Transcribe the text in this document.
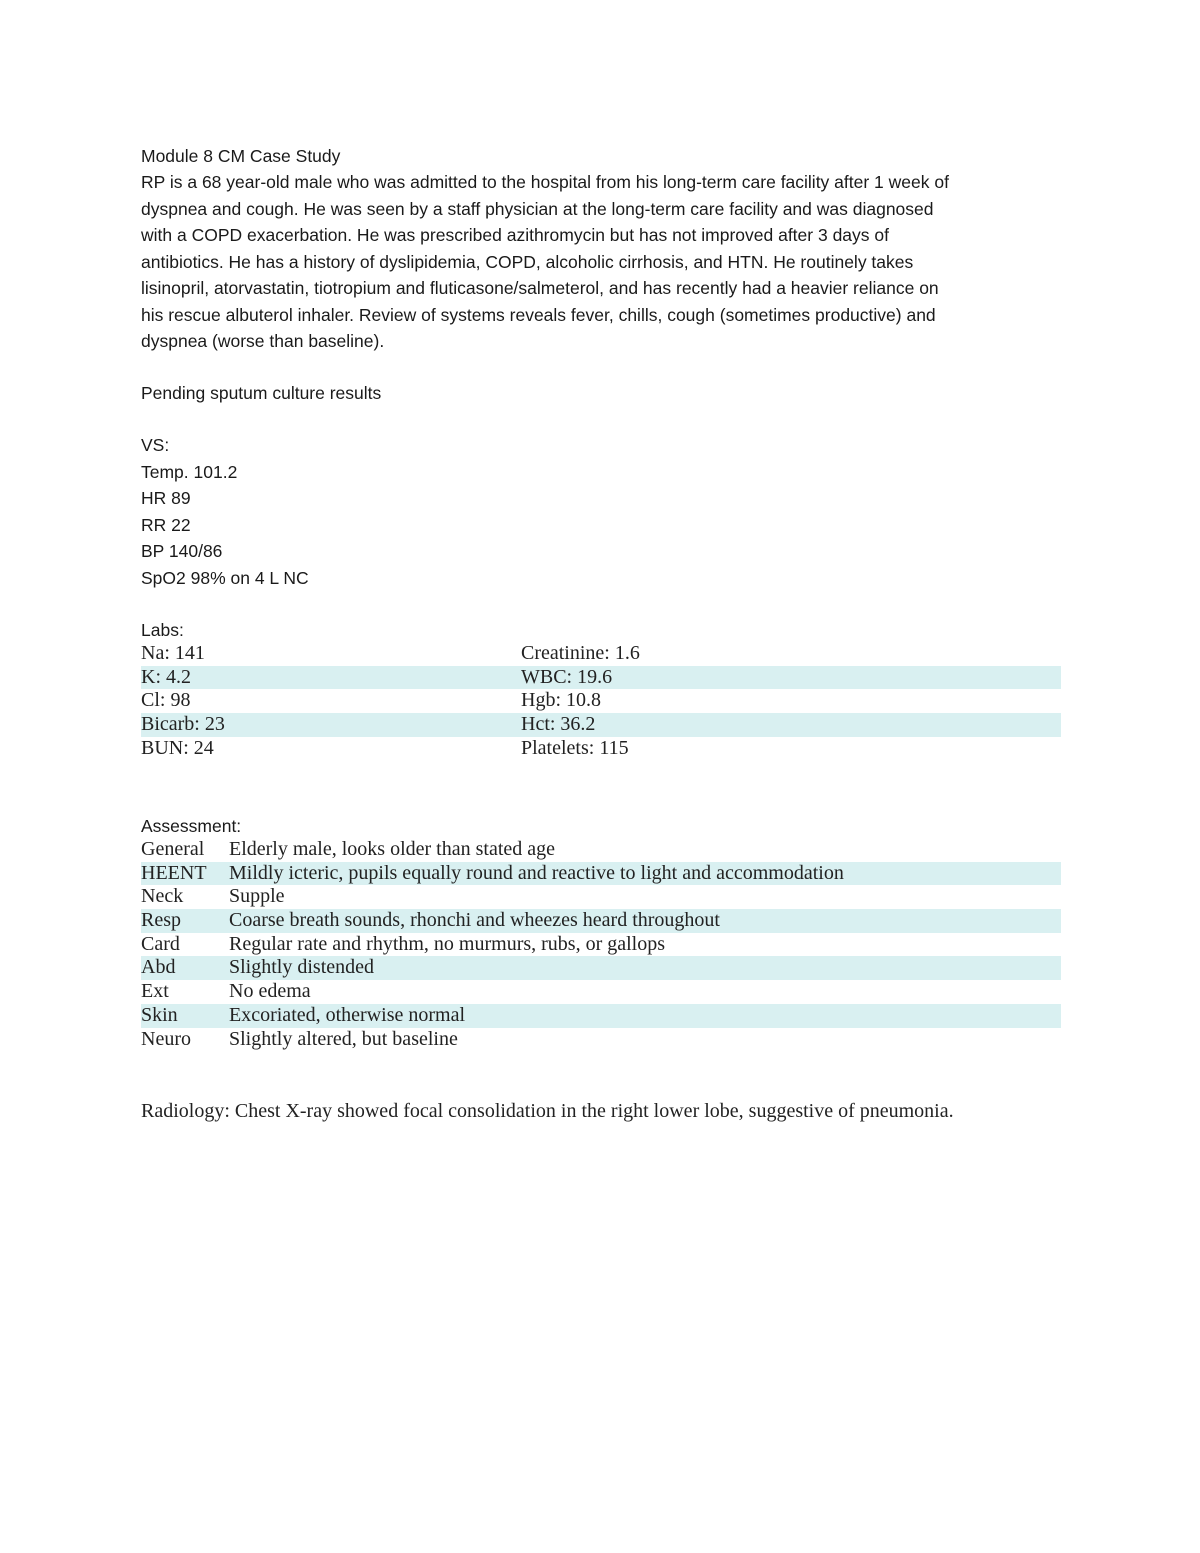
Module 8 CM Case Study
RP is a 68 year-old male who was admitted to the hospital from his long-term care facility after 1 week of
dyspnea and cough. He was seen by a staff physician at the long-term care facility and was diagnosed
with a COPD exacerbation. He was prescribed azithromycin but has not improved after 3 days of
antibiotics. He has a history of dyslipidemia, COPD, alcoholic cirrhosis, and HTN. He routinely takes
lisinopril, atorvastatin, tiotropium and fluticasone/salmeterol, and has recently had a heavier reliance on
his rescue albuterol inhaler. Review of systems reveals fever, chills, cough (sometimes productive) and
dyspnea (worse than baseline).
Pending sputum culture results
VS:
Temp. 101.2
HR 89
RR 22
BP 140/86
SpO2 98% on 4 L NC
Labs:
Na: 141	Creatinine: 1.6
K: 4.2	WBC: 19.6
Cl: 98	Hgb: 10.8
Bicarb: 23	Hct: 36.2
BUN: 24	Platelets: 115
Assessment:
General	Elderly male, looks older than stated age
HEENT	Mildly icteric, pupils equally round and reactive to light and accommodation
Neck	Supple
Resp	Coarse breath sounds, rhonchi and wheezes heard throughout
Card	Regular rate and rhythm, no murmurs, rubs, or gallops
Abd	Slightly distended
Ext	No edema
Skin	Excoriated, otherwise normal
Neuro	Slightly altered, but baseline
Radiology: Chest X-ray showed focal consolidation in the right lower lobe, suggestive of pneumonia.
